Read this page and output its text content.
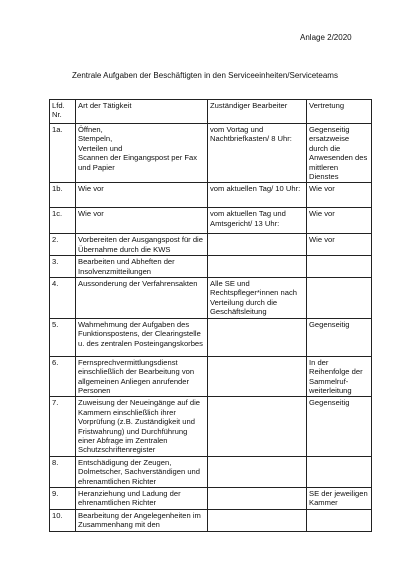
Anlage 2/2020
Zentrale Aufgaben der Beschäftigten in den Serviceeinheiten/Serviceteams
Lfd.
Nr.	Art der Tätigkeit	Zuständiger Bearbeiter	Vertretung
1a.	Öffnen,
Stempeln,
Verteilen und
Scannen der Eingangspost per Fax und Papier	vom Vortag und Nachtbriefkasten/ 8 Uhr:	Gegenseitig ersatzweise durch die Anwesenden des mittleren Dienstes
1b.	Wie vor	vom aktuellen Tag/ 10 Uhr:	Wie vor
1c.	Wie vor	vom aktuellen Tag und Amtsgericht/ 13 Uhr:	Wie vor
2.	Vorbereiten der Ausgangspost für die Übernahme durch die KWS		Wie vor
3.	Bearbeiten und Abheften der Insolvenzmitteilungen		
4.	Aussonderung der Verfahrensakten	Alle SE und Rechtspfleger*innen nach Verteilung durch die Geschäftsleitung	
5.	Wahrnehmung der Aufgaben des Funktionspostens, der Clearingstelle u. des zentralen Posteingangskorbes		Gegenseitig
6.	Fernsprechvermittlungsdienst einschließlich der Bearbeitung von allgemeinen Anliegen anrufender Personen		In der Reihenfolge der Sammelruf-weiterleitung
7.	Zuweisung der Neueingänge auf die Kammern einschließlich ihrer Vorprüfung (z.B. Zuständigkeit und Fristwahrung) und Durchführung einer Abfrage im Zentralen Schutzschriftenregister		Gegenseitig
8.	Entschädigung der Zeugen, Dolmetscher, Sachverständigen und ehrenamtlichen Richter		
9.	Heranziehung und Ladung der ehrenamtlichen Richter		SE der jeweiligen Kammer
10.	Bearbeitung der Angelegenheiten im Zusammenhang mit den		
